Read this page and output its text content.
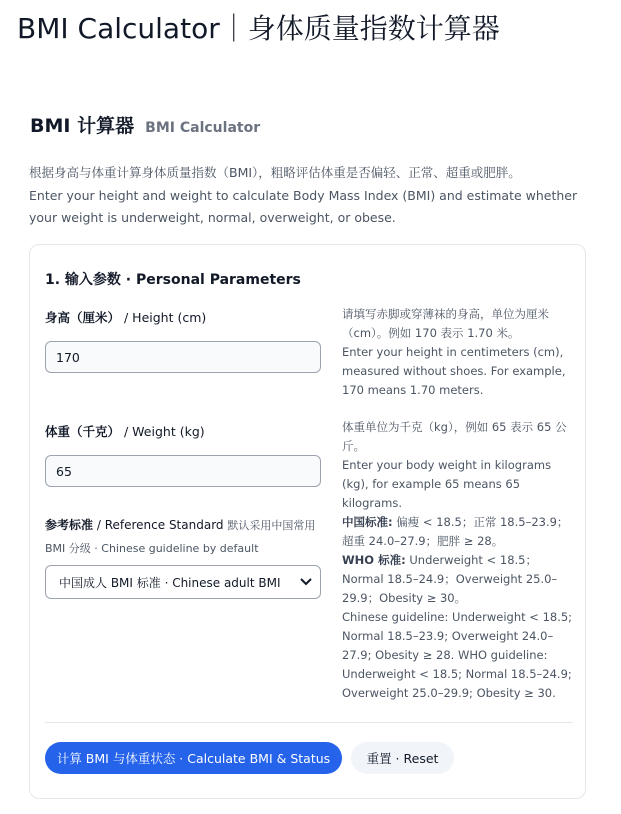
BMI Calculator｜身体质量指数计算器
BMI 计算器 BMI Calculator

根据身高与体重计算身体质量指数（BMI），粗略评估体重是否偏轻、正常、超重或肥胖。

Enter your height and weight to calculate Body Mass Index (BMI) and estimate whether your weight is underweight, normal, overweight, or obese.

1. 输入参数 · Personal Parameters
身高（厘米） / Height (cm)
170	请填写赤脚或穿薄袜的身高，单位为厘米（cm）。例如 170 表示 1.70 米。

Enter your height in centimeters (cm), measured without shoes. For example, 170 means 1.70 meters.

体重（千克） / Weight (kg)
65	体重单位为千克（kg），例如 65 表示 65 公斤。

Enter your body weight in kilograms (kg), for example 65 means 65 kilograms.

参考标准 / Reference Standard 默认采用中国常用 BMI 分级 · Chinese guideline by default
中国成人 BMI 标准 · Chinese adult BMI

中国标准: 偏瘦 < 18.5；正常 18.5–23.9；超重 24.0–27.9；肥胖 ≥ 28。

WHO 标准: Underweight < 18.5；Normal 18.5–24.9；Overweight 25.0–29.9；Obesity ≥ 30。

Chinese guideline: Underweight < 18.5; Normal 18.5–23.9; Overweight 24.0–27.9; Obesity ≥ 28. WHO guideline: Underweight < 18.5; Normal 18.5–24.9; Overweight 25.0–29.9; Obesity ≥ 30.

计算 BMI 与体重状态 · Calculate BMI & Status	重置 · Reset
